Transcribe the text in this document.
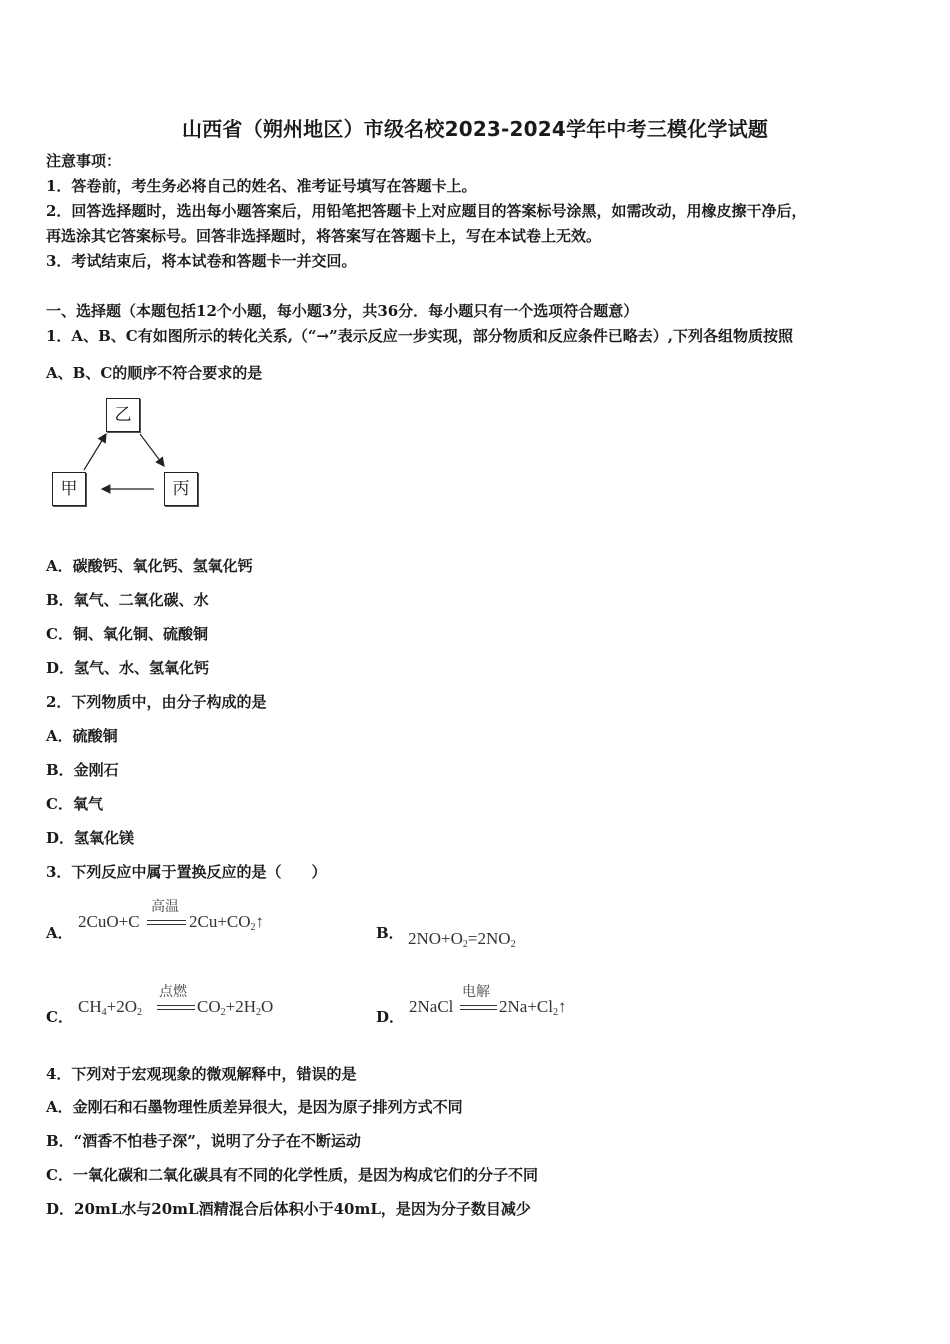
山西省（朔州地区）市级名校2023-2024学年中考三模化学试题
注意事项：
1．答卷前，考生务必将自己的姓名、准考证号填写在答题卡上。
2．回答选择题时，选出每小题答案后，用铅笔把答题卡上对应题目的答案标号涂黑，如需改动，用橡皮擦干净后，
再选涂其它答案标号。回答非选择题时，将答案写在答题卡上，写在本试卷上无效。
3．考试结束后，将本试卷和答题卡一并交回。
一、选择题（本题包括12个小题，每小题3分，共36分．每小题只有一个选项符合题意）
1．A、B、C有如图所示的转化关系,（“→”表示反应一步实现，部分物质和反应条件已略去）,下列各组物质按照
A、B、C的顺序不符合要求的是
乙
甲	丙
A．碳酸钙、氧化钙、氢氧化钙
B．氧气、二氧化碳、水
C．铜、氧化铜、硫酸铜
D．氢气、水、氢氧化钙
2．下列物质中，由分子构成的是
A．硫酸铜
B．金刚石
C．氧气
D．氢氧化镁
3．下列反应中属于置换反应的是（　　）
A．
2CuO+C
高温
$2Cu+CO_2↑$
B． $2NO+O_2=2NO_2$
C．
$CH_4+2O_2$
点燃
$CO_2+2H_2O$
D．
2NaCl
电解
$2Na+Cl_2↑$
4．下列对于宏观现象的微观解释中，错误的是
A．金刚石和石墨物理性质差异很大，是因为原子排列方式不同
B．“酒香不怕巷子深”，说明了分子在不断运动
C．一氧化碳和二氧化碳具有不同的化学性质，是因为构成它们的分子不同
D．20mL水与20mL酒精混合后体积小于40mL，是因为分子数目减少
